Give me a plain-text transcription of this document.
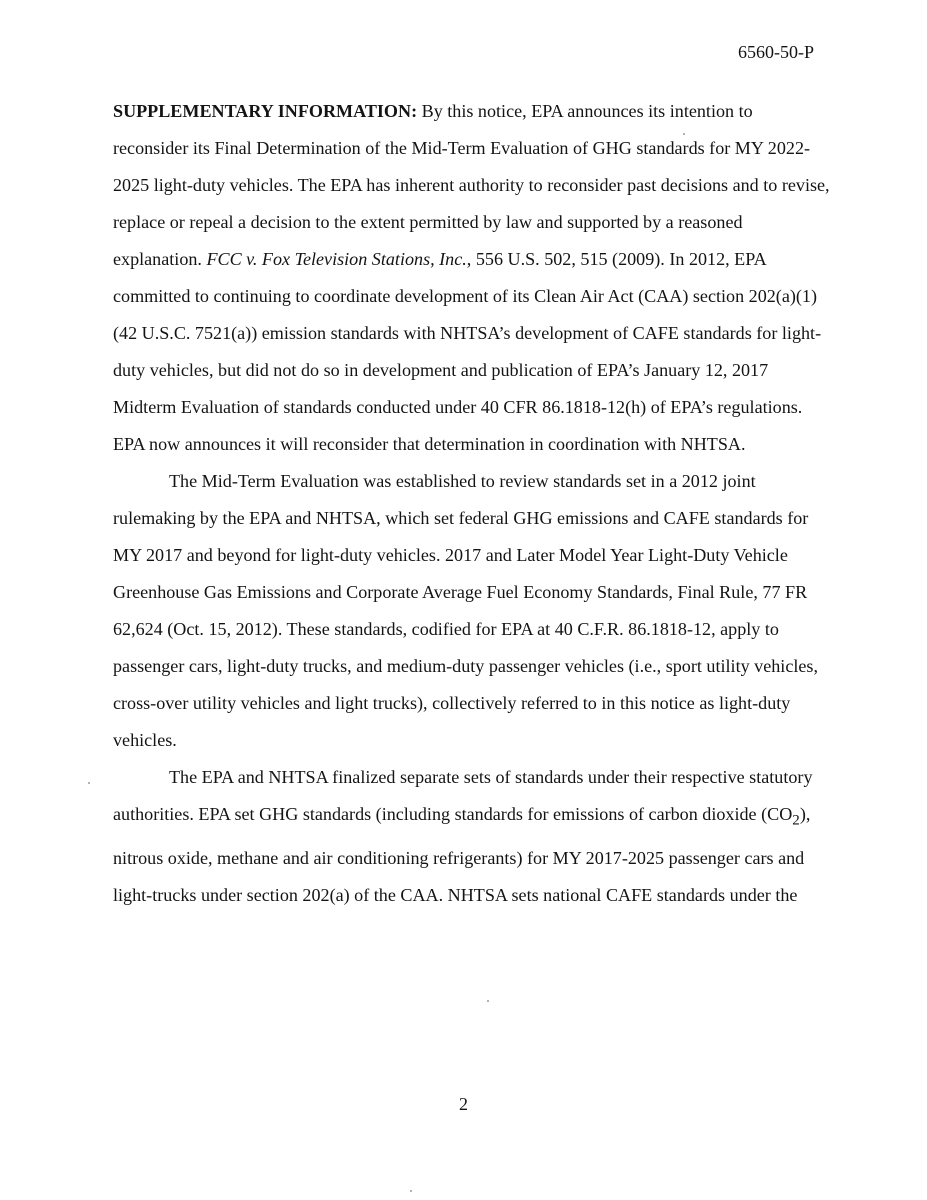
6560-50-P

SUPPLEMENTARY INFORMATION: By this notice, EPA announces its intention to reconsider its Final Determination of the Mid-Term Evaluation of GHG standards for MY 2022-2025 light-duty vehicles. The EPA has inherent authority to reconsider past decisions and to revise, replace or repeal a decision to the extent permitted by law and supported by a reasoned explanation. FCC v. Fox Television Stations, Inc., 556 U.S. 502, 515 (2009). In 2012, EPA committed to continuing to coordinate development of its Clean Air Act (CAA) section 202(a)(1) (42 U.S.C. 7521(a)) emission standards with NHTSA’s development of CAFE standards for light-duty vehicles, but did not do so in development and publication of EPA’s January 12, 2017 Midterm Evaluation of standards conducted under 40 CFR 86.1818-12(h) of EPA’s regulations. EPA now announces it will reconsider that determination in coordination with NHTSA.

The Mid-Term Evaluation was established to review standards set in a 2012 joint rulemaking by the EPA and NHTSA, which set federal GHG emissions and CAFE standards for MY 2017 and beyond for light-duty vehicles. 2017 and Later Model Year Light-Duty Vehicle Greenhouse Gas Emissions and Corporate Average Fuel Economy Standards, Final Rule, 77 FR 62,624 (Oct. 15, 2012). These standards, codified for EPA at 40 C.F.R. 86.1818-12, apply to passenger cars, light-duty trucks, and medium-duty passenger vehicles (i.e., sport utility vehicles, cross-over utility vehicles and light trucks), collectively referred to in this notice as light-duty vehicles.

The EPA and NHTSA finalized separate sets of standards under their respective statutory authorities. EPA set GHG standards (including standards for emissions of carbon dioxide $(CO_2)$, nitrous oxide, methane and air conditioning refrigerants) for MY 2017-2025 passenger cars and light-trucks under section 202(a) of the CAA. NHTSA sets national CAFE standards under the

2
